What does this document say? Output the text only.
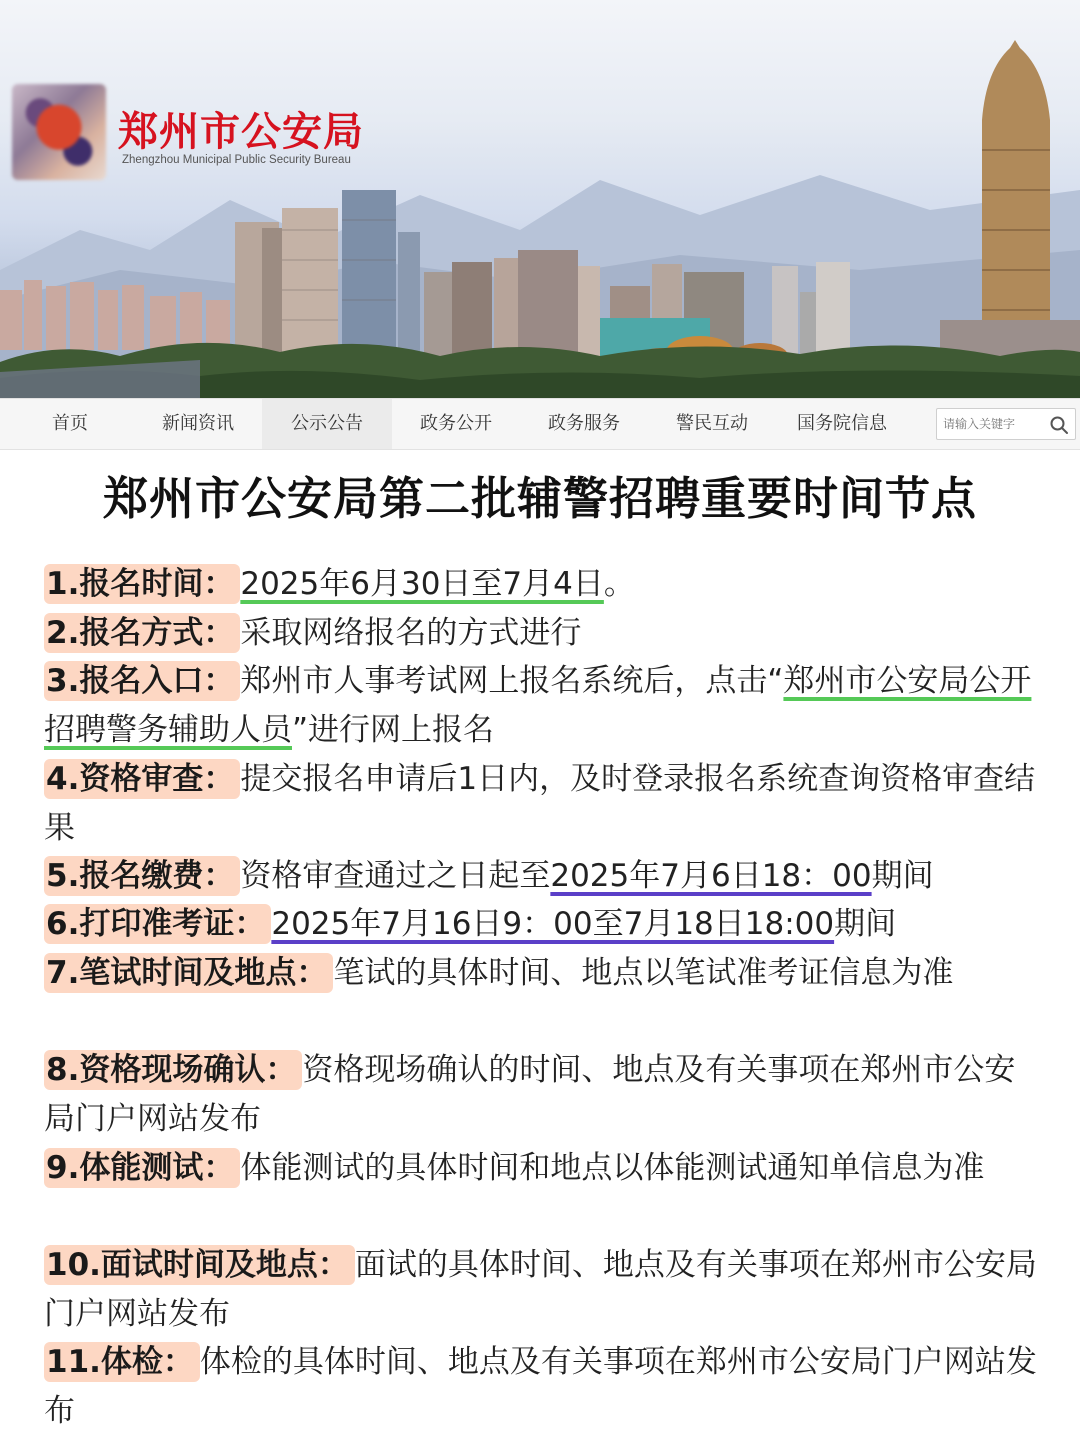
郑州市公安局
Zhengzhou Municipal Public Security Bureau
首页	新闻资讯	公示公告	政务公开	政务服务	警民互动	国务院信息
请输入关键字
郑州市公安局第二批辅警招聘重要时间节点
1.报名时间： 2025年6月30日至7月4日。
2.报名方式： 采取网络报名的方式进行
3.报名入口： 郑州市人事考试网上报名系统后，点击“郑州市公安局公开招聘警务辅助人员”进行网上报名
4.资格审查： 提交报名申请后1日内，及时登录报名系统查询资格审查结果
5.报名缴费： 资格审查通过之日起至2025年7月6日18：00期间
6.打印准考证： 2025年7月16日9：00至7月18日18:00期间
7.笔试时间及地点： 笔试的具体时间、地点以笔试准考证信息为准
8.资格现场确认： 资格现场确认的时间、地点及有关事项在郑州市公安局门户网站发布
9.体能测试： 体能测试的具体时间和地点以体能测试通知单信息为准
10.面试时间及地点： 面试的具体时间、地点及有关事项在郑州市公安局门户网站发布
11.体检： 体检的具体时间、地点及有关事项在郑州市公安局门户网站发布
